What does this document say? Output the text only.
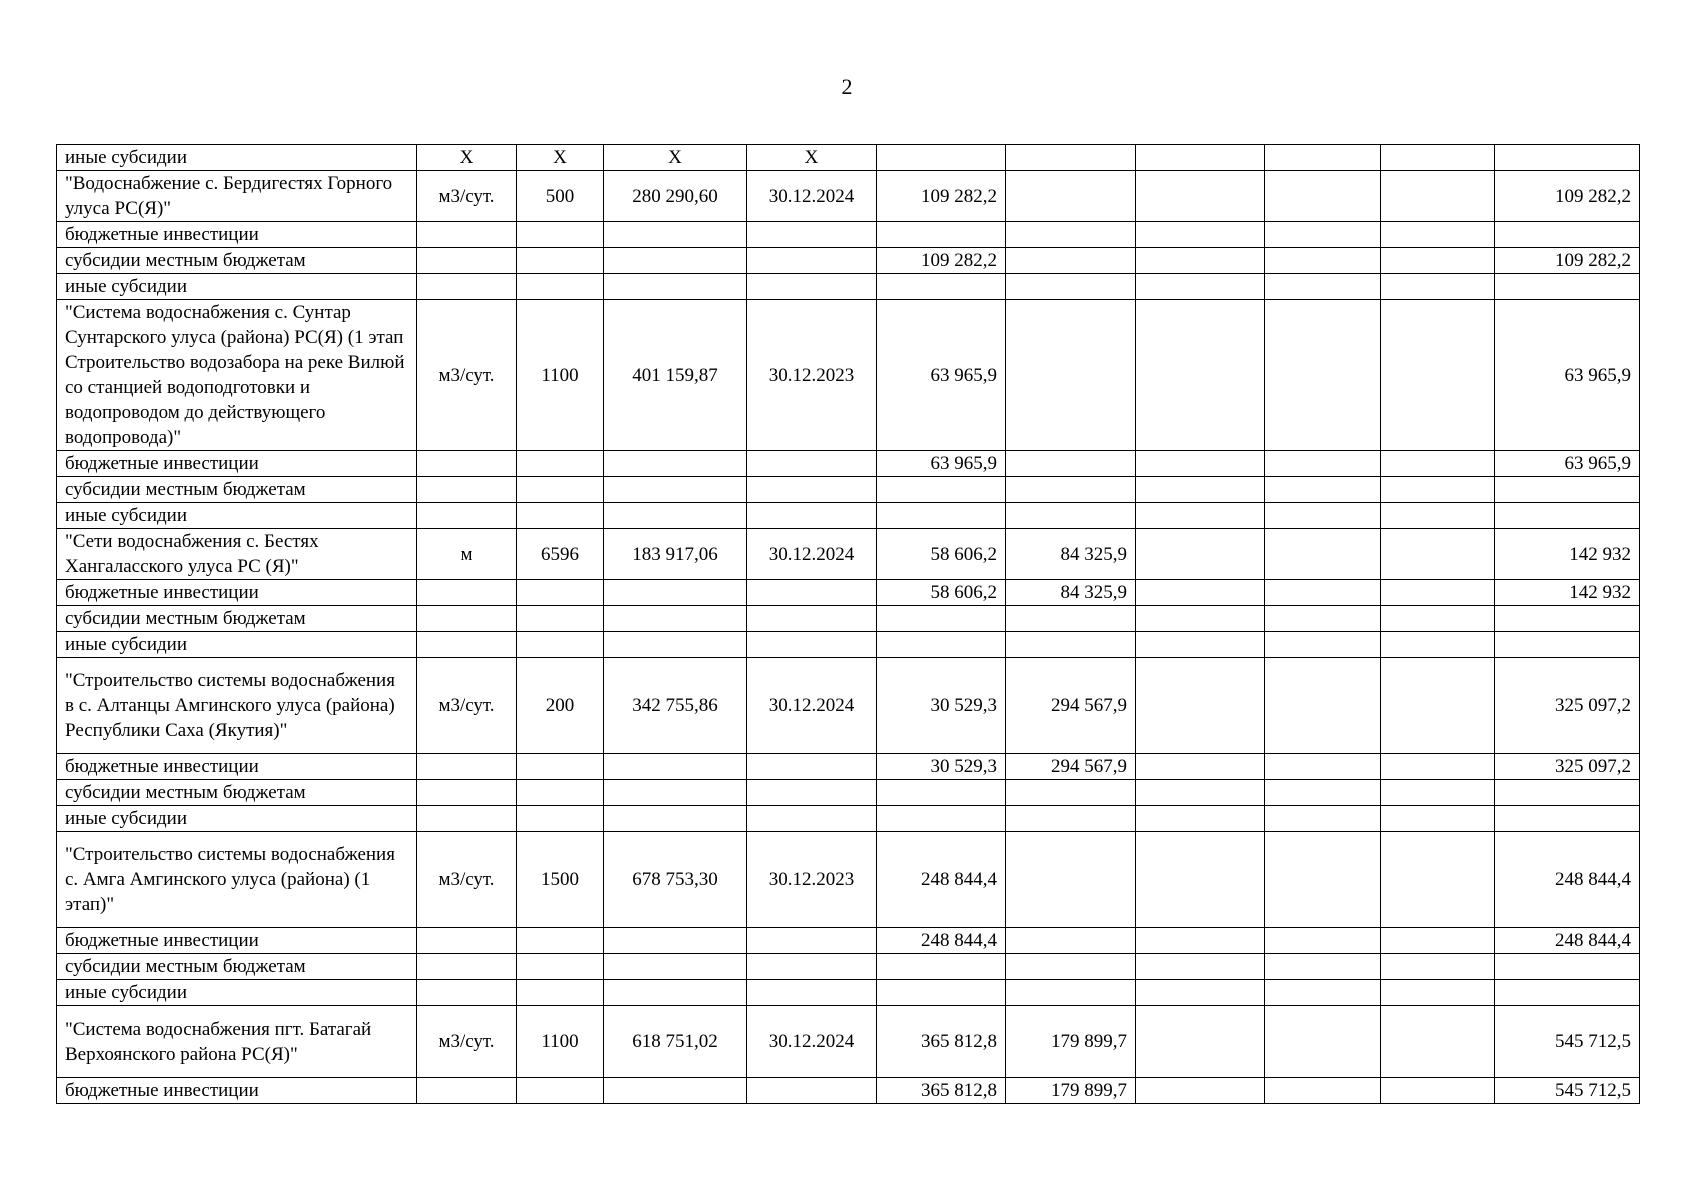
2
иные субсидии	Х	Х	Х	Х						
"Водоснабжение с. Бердигестях Горного улуса РС(Я)"	м3/сут.	500	280 290,60	30.12.2024	109 282,2					109 282,2
бюджетные инвестиции										
субсидии местным бюджетам					109 282,2					109 282,2
иные субсидии										
"Система водоснабжения с. Сунтар Сунтарского улуса (района) РС(Я) (1 этап Строительство водозабора на реке Вилюй со станцией водоподготовки и водопроводом до действующего водопровода)"	м3/сут.	1100	401 159,87	30.12.2023	63 965,9					63 965,9
бюджетные инвестиции					63 965,9					63 965,9
субсидии местным бюджетам										
иные субсидии										
"Сети водоснабжения с. Бестях Хангаласского улуса РС (Я)"	м	6596	183 917,06	30.12.2024	58 606,2	84 325,9				142 932
бюджетные инвестиции					58 606,2	84 325,9				142 932
субсидии местным бюджетам										
иные субсидии										
"Строительство системы водоснабжения в с. Алтанцы Амгинского улуса (района) Республики Саха (Якутия)"	м3/сут.	200	342 755,86	30.12.2024	30 529,3	294 567,9				325 097,2
бюджетные инвестиции					30 529,3	294 567,9				325 097,2
субсидии местным бюджетам										
иные субсидии										
"Строительство системы водоснабжения с. Амга Амгинского улуса (района) (1 этап)"	м3/сут.	1500	678 753,30	30.12.2023	248 844,4					248 844,4
бюджетные инвестиции					248 844,4					248 844,4
субсидии местным бюджетам										
иные субсидии										
"Система водоснабжения пгт. Батагай Верхоянского района РС(Я)"	м3/сут.	1100	618 751,02	30.12.2024	365 812,8	179 899,7				545 712,5
бюджетные инвестиции					365 812,8	179 899,7				545 712,5
